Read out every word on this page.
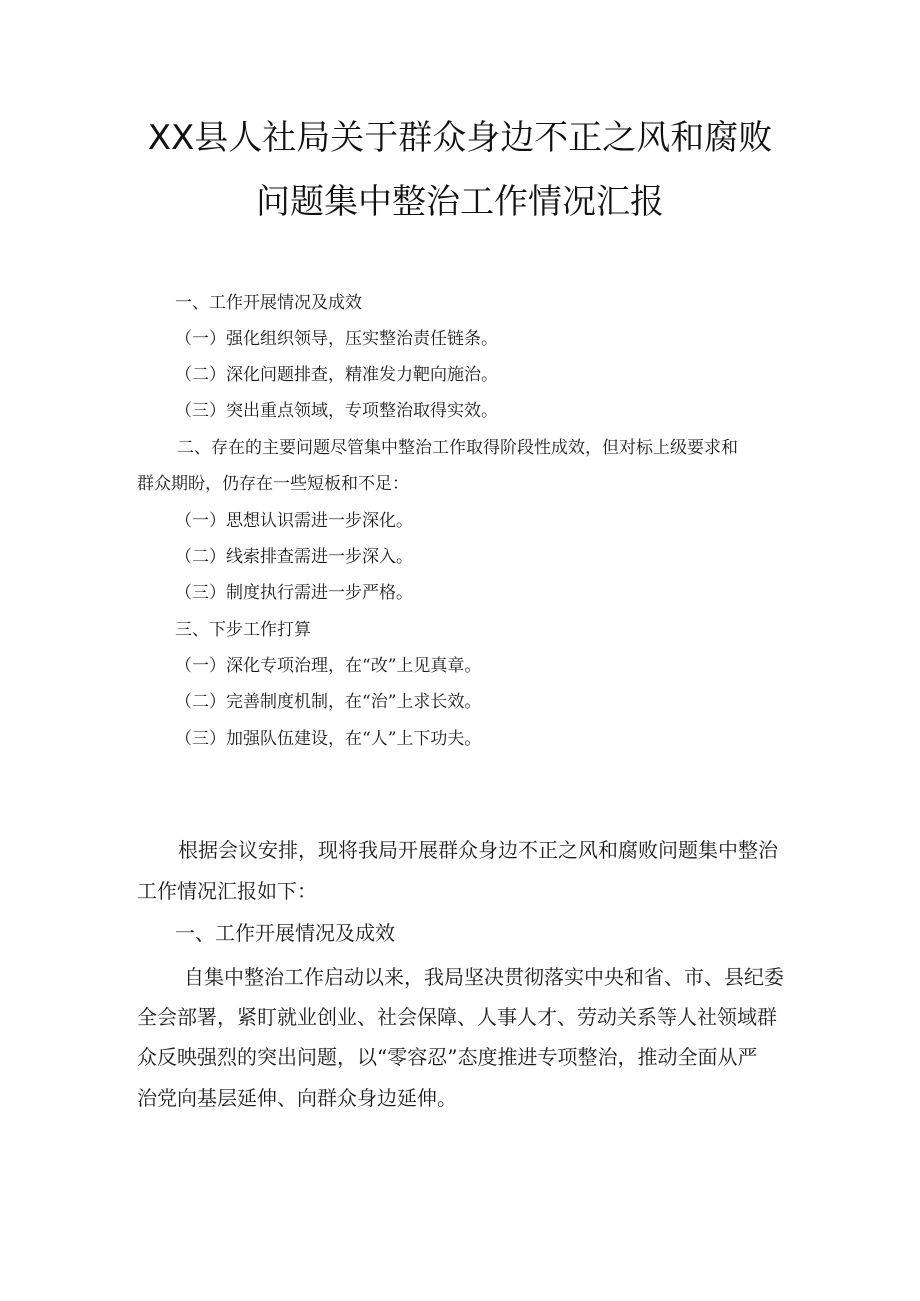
XX县人社局关于群众身边不正之风和腐败
问题集中整治工作情况汇报
一、工作开展情况及成效
（一）强化组织领导，压实整治责任链条。
（二）深化问题排查，精准发力靶向施治。
（三）突出重点领域，专项整治取得实效。
二、存在的主要问题尽管集中整治工作取得阶段性成效，但对标上级要求和
群众期盼，仍存在一些短板和不足：
（一）思想认识需进一步深化。
（二）线索排查需进一步深入。
（三）制度执行需进一步严格。
三、下步工作打算
（一）深化专项治理，在“改”上见真章。
（二）完善制度机制，在“治”上求长效。
（三）加强队伍建设，在“人”上下功夫。
根据会议安排，现将我局开展群众身边不正之风和腐败问题集中整治
工作情况汇报如下：
一、工作开展情况及成效
自集中整治工作启动以来，我局坚决贯彻落实中央和省、市、县纪委
全会部署，紧盯就业创业、社会保障、人事人才、劳动关系等人社领域群
众反映强烈的突出问题，以“零容忍”态度推进专项整治，推动全面从严
治党向基层延伸、向群众身边延伸。
